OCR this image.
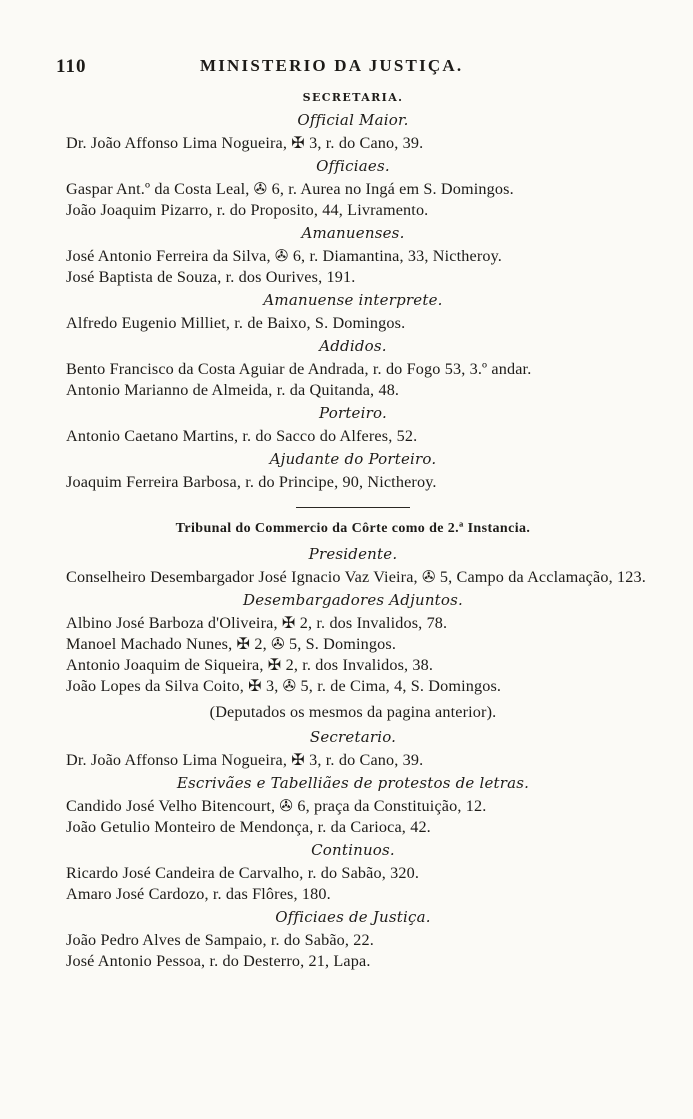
110	MINISTERIO DA JUSTIÇA.
SECRETARIA.
Official Maior.
Dr. João Affonso Lima Nogueira, ✠ 3, r. do Cano, 39.
Officiaes.
Gaspar Ant.º da Costa Leal, ✇ 6, r. Aurea no Ingá em S. Domingos.
João Joaquim Pizarro, r. do Proposito, 44, Livramento.
Amanuenses.
José Antonio Ferreira da Silva, ✇ 6, r. Diamantina, 33, Nictheroy.
José Baptista de Souza, r. dos Ourives, 191.
Amanuense interprete.
Alfredo Eugenio Milliet, r. de Baixo, S. Domingos.
Addidos.
Bento Francisco da Costa Aguiar de Andrada, r. do Fogo 53, 3.º andar.
Antonio Marianno de Almeida, r. da Quitanda, 48.
Porteiro.
Antonio Caetano Martins, r. do Sacco do Alferes, 52.
Ajudante do Porteiro.
Joaquim Ferreira Barbosa, r. do Principe, 90, Nictheroy.
Tribunal do Commercio da Côrte como de 2.ª Instancia.
Presidente.
Conselheiro Desembargador José Ignacio Vaz Vieira, ✇ 5, Campo da Acclamação, 123.
Desembargadores Adjuntos.
Albino José Barboza d'Oliveira, ✠ 2, r. dos Invalidos, 78.
Manoel Machado Nunes, ✠ 2, ✇ 5, S. Domingos.
Antonio Joaquim de Siqueira, ✠ 2, r. dos Invalidos, 38.
João Lopes da Silva Coito, ✠ 3, ✇ 5, r. de Cima, 4, S. Domingos.
(Deputados os mesmos da pagina anterior).
Secretario.
Dr. João Affonso Lima Nogueira, ✠ 3, r. do Cano, 39.
Escrivães e Tabelliães de protestos de letras.
Candido José Velho Bitencourt, ✇ 6, praça da Constituição, 12.
João Getulio Monteiro de Mendonça, r. da Carioca, 42.
Continuos.
Ricardo José Candeira de Carvalho, r. do Sabão, 320.
Amaro José Cardozo, r. das Flôres, 180.
Officiaes de Justiça.
João Pedro Alves de Sampaio, r. do Sabão, 22.
José Antonio Pessoa, r. do Desterro, 21, Lapa.
